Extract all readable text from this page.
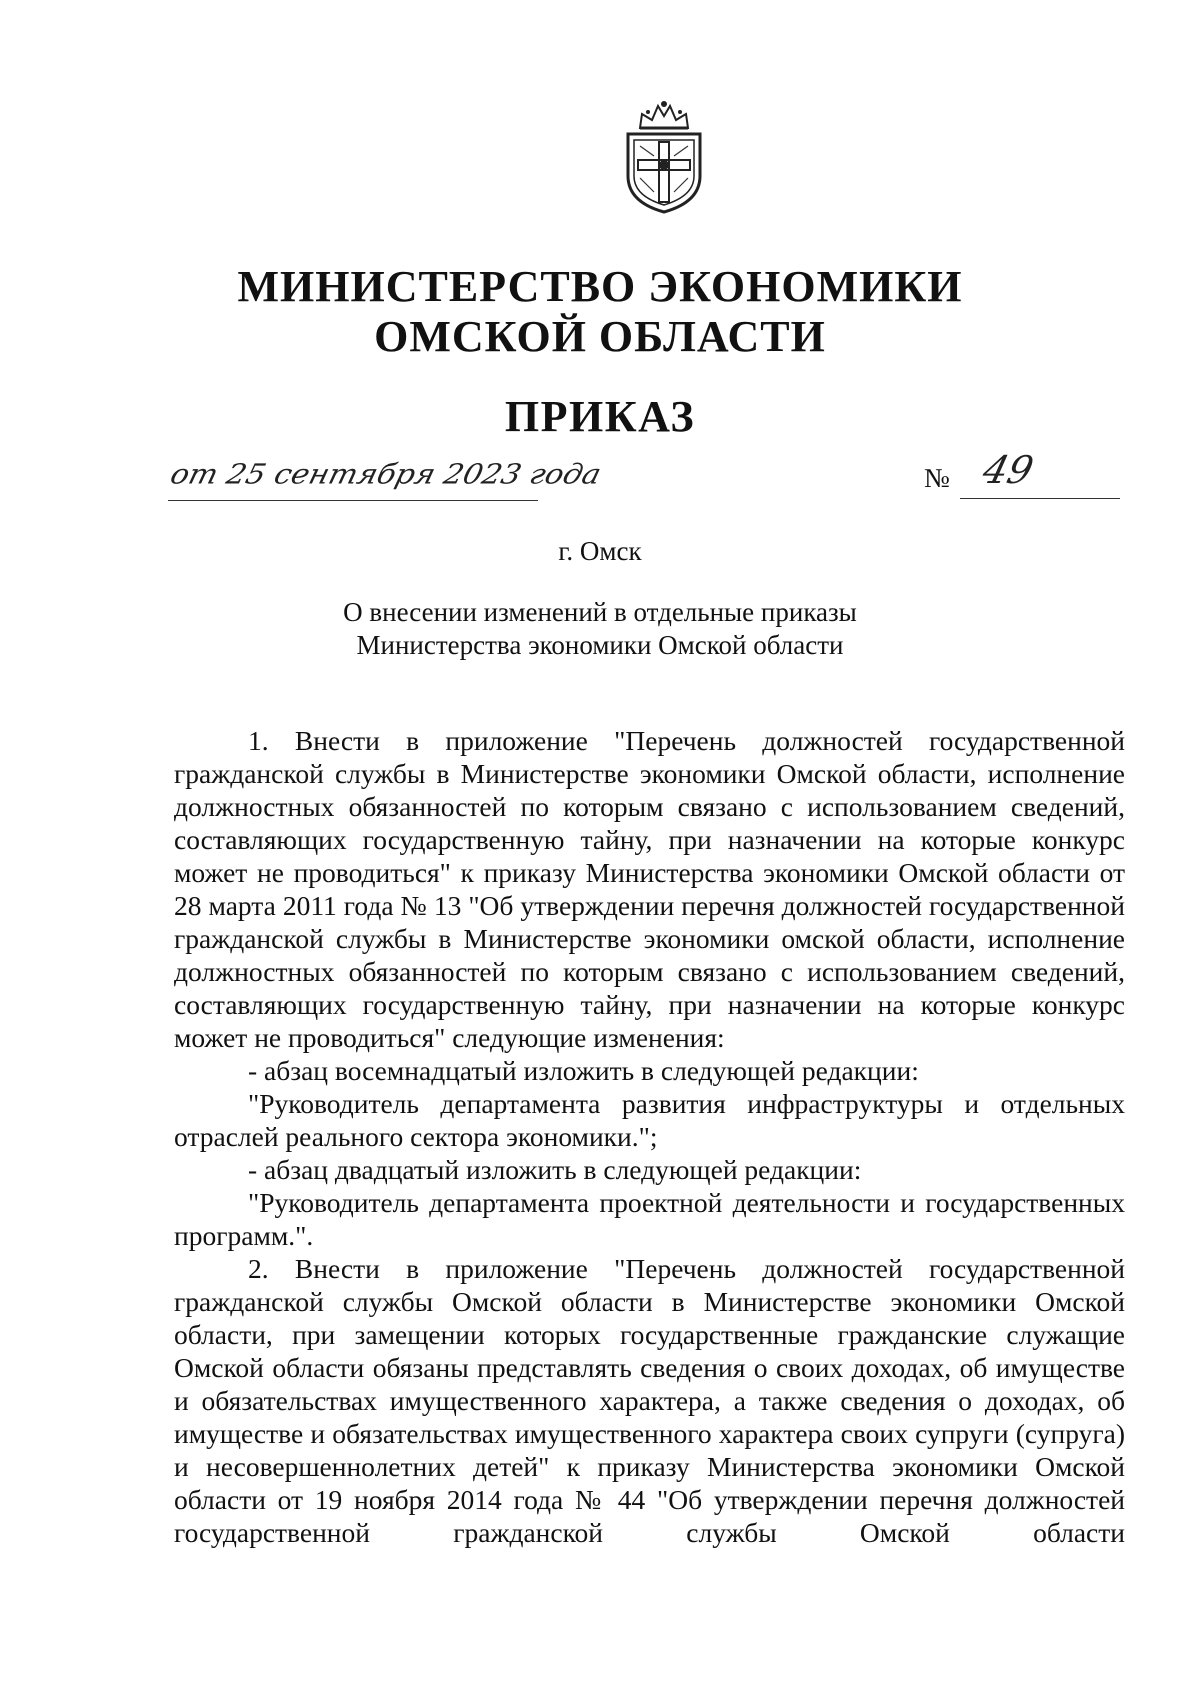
МИНИСТЕРСТВО ЭКОНОМИКИ
ОМСКОЙ ОБЛАСТИ
ПРИКАЗ
от 25 сентября 2023 года	№ 49
г. Омск
О внесении изменений в отдельные приказы
Министерства экономики Омской области

1. Внести в приложение "Перечень должностей государственной гражданской службы в Министерстве экономики Омской области, исполнение должностных обязанностей по которым связано с использованием сведений, составляющих государственную тайну, при назначении на которые конкурс может не проводиться" к приказу Министерства экономики Омской области от 28 марта 2011 года № 13 "Об утверждении перечня должностей государственной гражданской службы в Министерстве экономики омской области, исполнение должностных обязанностей по которым связано с использованием сведений, составляющих государственную тайну, при назначении на которые конкурс может не проводиться" следующие изменения:

- абзац восемнадцатый изложить в следующей редакции:

"Руководитель департамента развития инфраструктуры и отдельных отраслей реального сектора экономики.";

- абзац двадцатый изложить в следующей редакции:

"Руководитель департамента проектной деятельности и государственных программ.".

2. Внести в приложение "Перечень должностей государственной гражданской службы Омской области в Министерстве экономики Омской области, при замещении которых государственные гражданские служащие Омской области обязаны представлять сведения о своих доходах, об имуществе и обязательствах имущественного характера, а также сведения о доходах, об имуществе и обязательствах имущественного характера своих супруги (супруга) и несовершеннолетних детей" к приказу Министерства экономики Омской области от 19 ноября 2014 года № 44 "Об утверждении перечня должностей государственной гражданской службы Омской области
